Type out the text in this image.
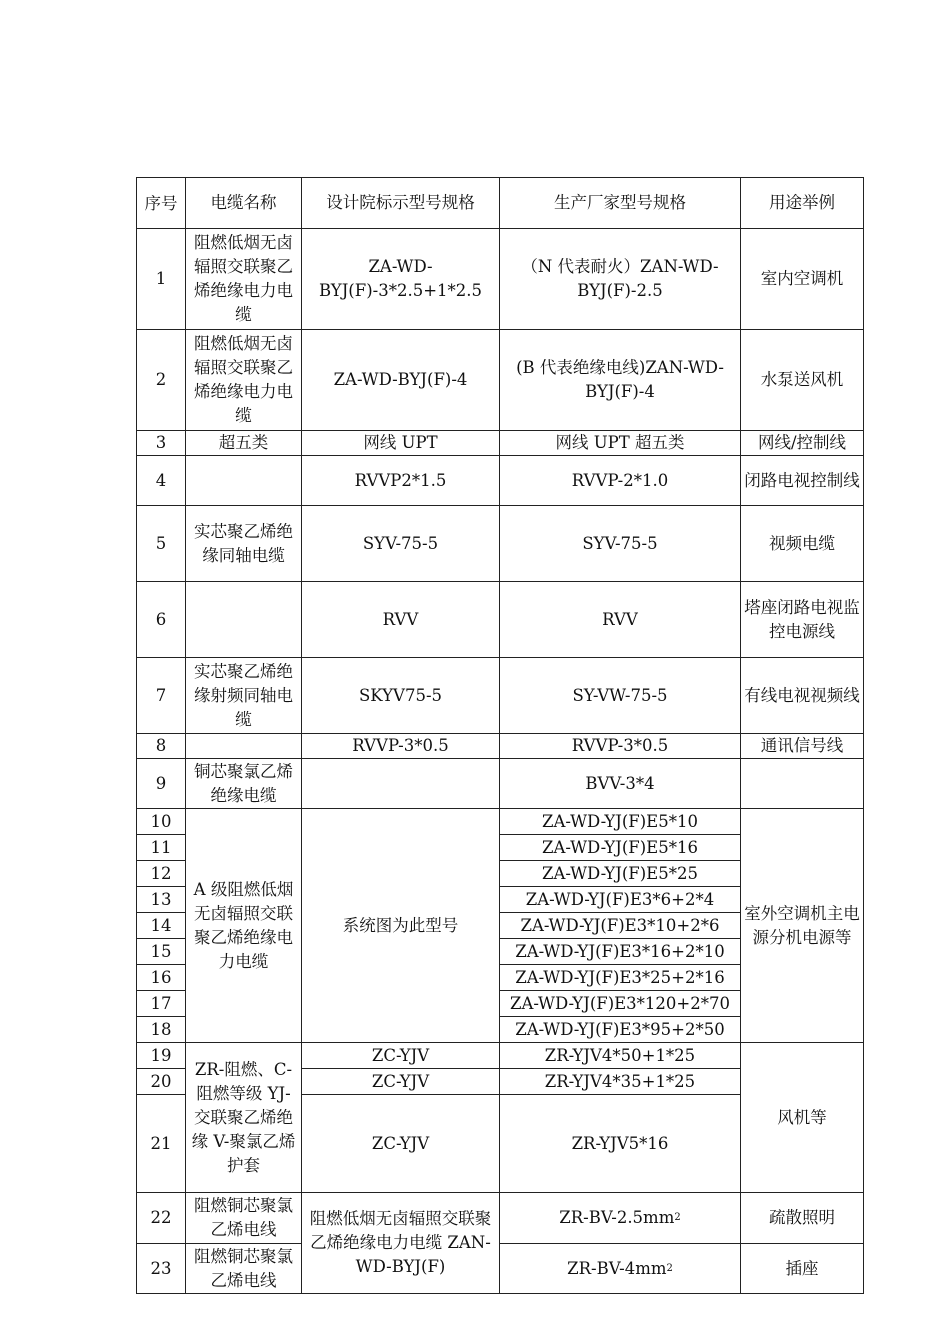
序号	电缆名称	设计院标示型号规格	生产厂家型号规格	用途举例
1	阻燃低烟无卤辐照交联聚乙烯绝缘电力电缆	ZA-WD-BYJ(F)-3*2.5+1*2.5	（N 代表耐火）ZAN-WD-BYJ(F)-2.5	室内空调机
2	阻燃低烟无卤辐照交联聚乙烯绝缘电力电缆	ZA-WD-BYJ(F)-4	(B 代表绝缘电线)ZAN-WD-BYJ(F)-4	水泵送风机
3	超五类	网线 UPT	网线 UPT 超五类	网线/控制线
4		RVVP2*1.5	RVVP-2*1.0	闭路电视控制线
5	实芯聚乙烯绝缘同轴电缆	SYV-75-5	SYV-75-5	视频电缆
6		RVV	RVV	塔座闭路电视监控电源线
7	实芯聚乙烯绝缘射频同轴电缆	SKYV75-5	SY-VW-75-5	有线电视视频线
8		RVVP-3*0.5	RVVP-3*0.5	通讯信号线
9	铜芯聚氯乙烯绝缘电缆		BVV-3*4	
10	A 级阻燃低烟无卤辐照交联聚乙烯绝缘电力电缆	系统图为此型号	ZA-WD-YJ(F)E5*10	室外空调机主电源分机电源等
11			ZA-WD-YJ(F)E5*16	
12			ZA-WD-YJ(F)E5*25	
13			ZA-WD-YJ(F)E3*6+2*4	
14			ZA-WD-YJ(F)E3*10+2*6	
15			ZA-WD-YJ(F)E3*16+2*10	
16			ZA-WD-YJ(F)E3*25+2*16	
17			ZA-WD-YJ(F)E3*120+2*70	
18			ZA-WD-YJ(F)E3*95+2*50	
19	ZR-阻燃、C-阻燃等级 YJ-交联聚乙烯绝缘 V-聚氯乙烯护套	ZC-YJV	ZR-YJV4*50+1*25	风机等
20		ZC-YJV	ZR-YJV4*35+1*25	
21		ZC-YJV	ZR-YJV5*16	
22	阻燃铜芯聚氯乙烯电线	阻燃低烟无卤辐照交联聚乙烯绝缘电力电缆 ZAN-WD-BYJ(F)	$ZR-BV-2.5mm^2$	疏散照明
23	阻燃铜芯聚氯乙烯电线		$ZR-BV-4mm^2$	插座
